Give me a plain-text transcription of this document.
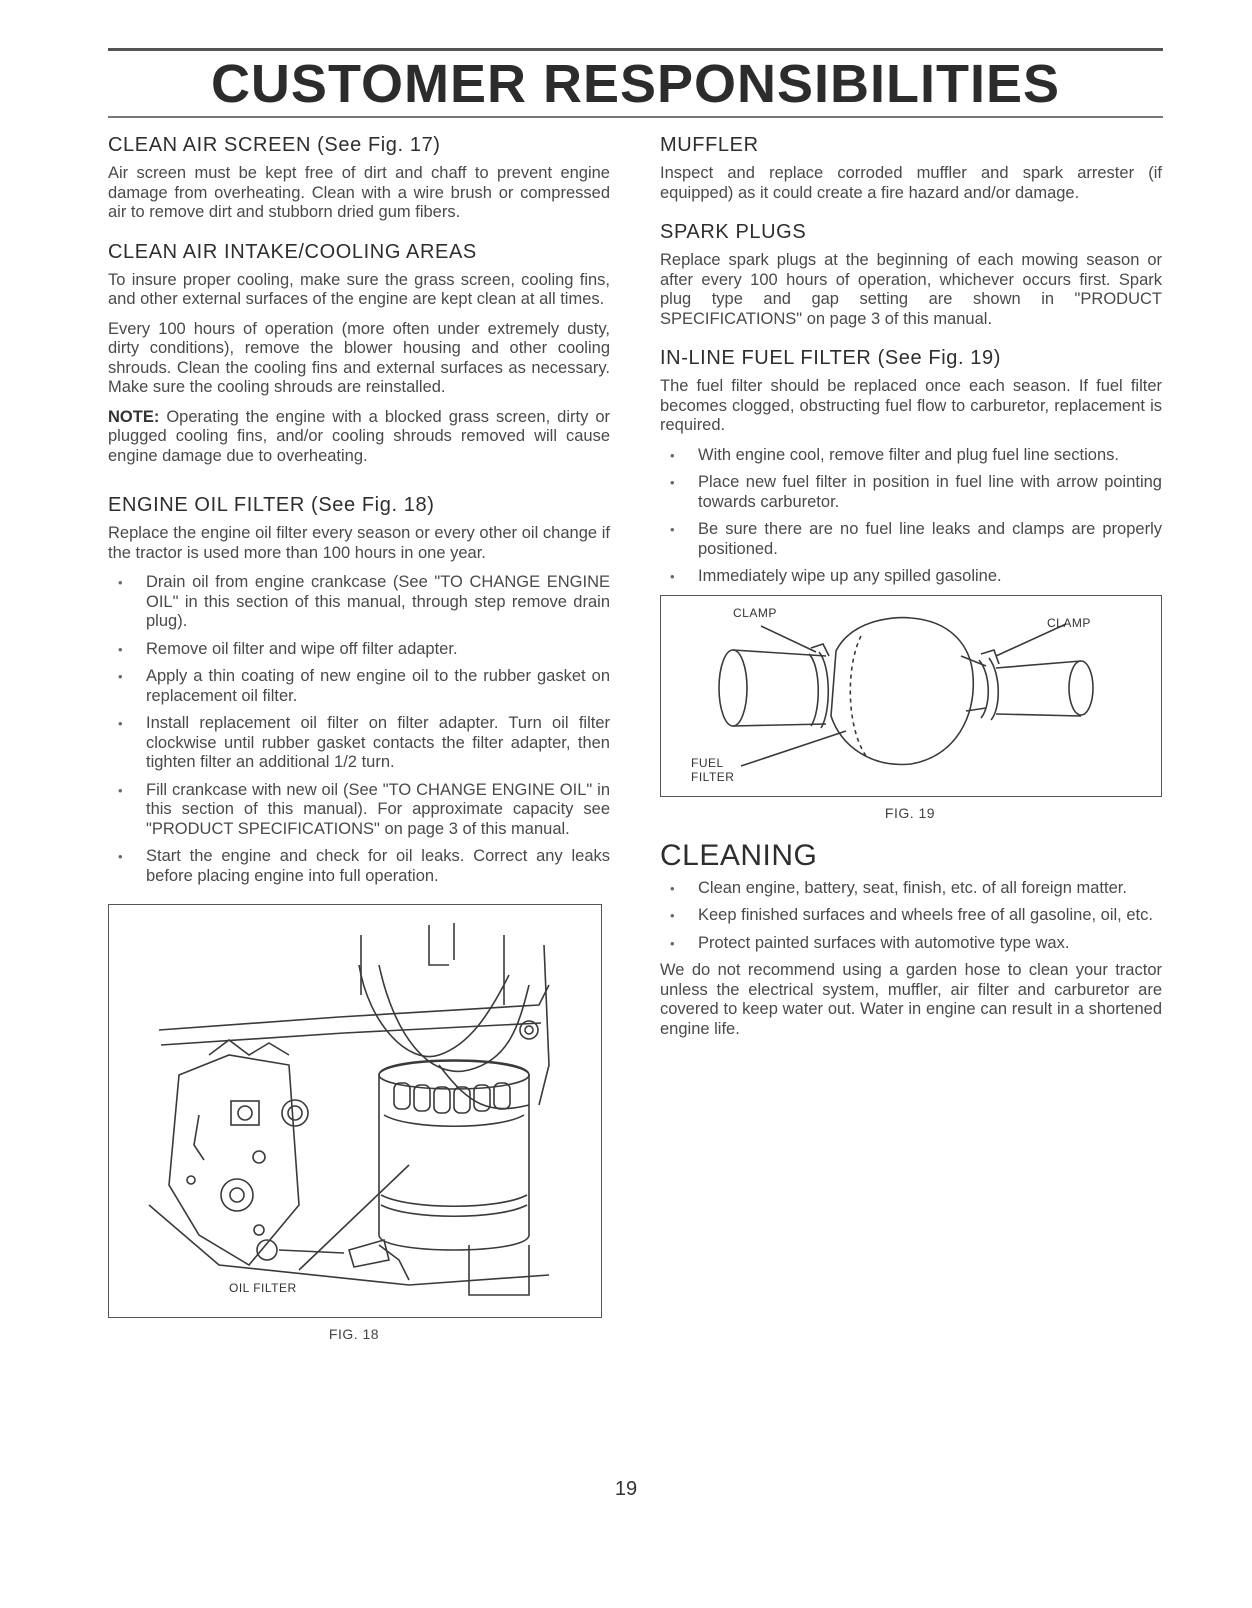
CUSTOMER RESPONSIBILITIES
CLEAN AIR SCREEN (See Fig. 17)

Air screen must be kept free of dirt and chaff to prevent engine damage from overheating. Clean with a wire brush or compressed air to remove dirt and stubborn dried gum fibers.

CLEAN AIR INTAKE/COOLING AREAS

To insure proper cooling, make sure the grass screen, cooling fins, and other external surfaces of the engine are kept clean at all times.

Every 100 hours of operation (more often under extremely dusty, dirty conditions), remove the blower housing and other cooling shrouds. Clean the cooling fins and external surfaces as necessary. Make sure the cooling shrouds are reinstalled.

NOTE: Operating the engine with a blocked grass screen, dirty or plugged cooling fins, and/or cooling shrouds removed will cause engine damage due to overheating.

ENGINE OIL FILTER (See Fig. 18)

Replace the engine oil filter every season or every other oil change if the tractor is used more than 100 hours in one year.

• Drain oil from engine crankcase (See "TO CHANGE ENGINE OIL" in this section of this manual, through step remove drain plug).
• Remove oil filter and wipe off filter adapter.
• Apply a thin coating of new engine oil to the rubber gasket on replacement oil filter.
• Install replacement oil filter on filter adapter. Turn oil filter clockwise until rubber gasket contacts the filter adapter, then tighten filter an additional 1/2 turn.
• Fill crankcase with new oil (See "TO CHANGE ENGINE OIL" in this section of this manual). For approximate capacity see "PRODUCT SPECIFICATIONS" on page 3 of this manual.
• Start the engine and check for oil leaks. Correct any leaks before placing engine into full operation.
OIL FILTER
FIG. 18
MUFFLER

Inspect and replace corroded muffler and spark arrester (if equipped) as it could create a fire hazard and/or damage.

SPARK PLUGS

Replace spark plugs at the beginning of each mowing season or after every 100 hours of operation, whichever occurs first. Spark plug type and gap setting are shown in "PRODUCT SPECIFICATIONS" on page 3 of this manual.

IN-LINE FUEL FILTER (See Fig. 19)

The fuel filter should be replaced once each season. If fuel filter becomes clogged, obstructing fuel flow to carburetor, replacement is required.

• With engine cool, remove filter and plug fuel line sections.
• Place new fuel filter in position in fuel line with arrow pointing towards carburetor.
• Be sure there are no fuel line leaks and clamps are properly positioned.
• Immediately wipe up any spilled gasoline.
CLAMP
CLAMP
FUEL
FILTER
FIG. 19
CLEANING
• Clean engine, battery, seat, finish, etc. of all foreign matter.
• Keep finished surfaces and wheels free of all gasoline, oil, etc.
• Protect painted surfaces with automotive type wax.

We do not recommend using a garden hose to clean your tractor unless the electrical system, muffler, air filter and carburetor are covered to keep water out. Water in engine can result in a shortened engine life.

19
